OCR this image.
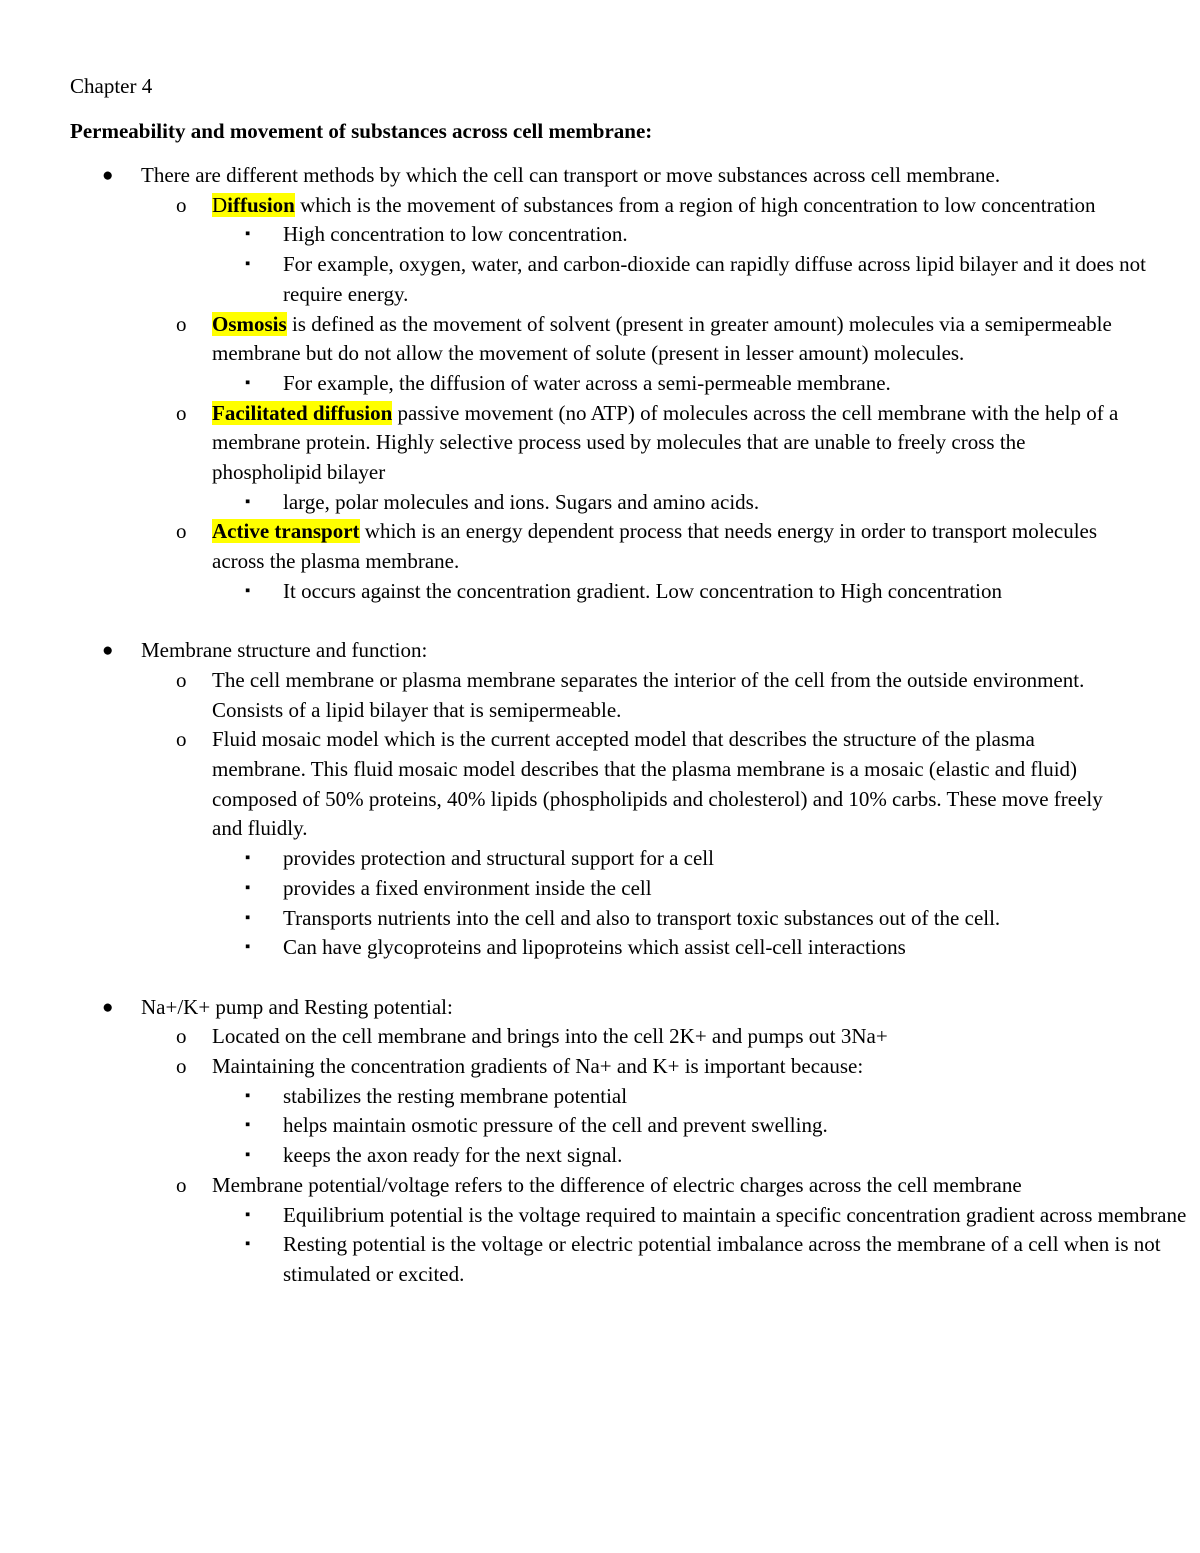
Chapter 4
Permeability and movement of substances across cell membrane:
● There are different methods by which the cell can transport or move substances across cell membrane.
o Diffusion which is the movement of substances from a region of high concentration to low concentration
▪ High concentration to low concentration.
▪ For example, oxygen, water, and carbon-dioxide can rapidly diffuse across lipid bilayer and it does not require energy.
o Osmosis is defined as the movement of solvent (present in greater amount) molecules via a semipermeable membrane but do not allow the movement of solute (present in lesser amount) molecules.
▪ For example, the diffusion of water across a semi-permeable membrane.
o Facilitated diffusion passive movement (no ATP) of molecules across the cell membrane with the help of a membrane protein. Highly selective process used by molecules that are unable to freely cross the phospholipid bilayer
▪ large, polar molecules and ions. Sugars and amino acids.
o Active transport which is an energy dependent process that needs energy in order to transport molecules across the plasma membrane.
▪ It occurs against the concentration gradient. Low concentration to High concentration
● Membrane structure and function:
o The cell membrane or plasma membrane separates the interior of the cell from the outside environment. Consists of a lipid bilayer that is semipermeable.
o Fluid mosaic model which is the current accepted model that describes the structure of the plasma membrane. This fluid mosaic model describes that the plasma membrane is a mosaic (elastic and fluid) composed of 50% proteins, 40% lipids (phospholipids and cholesterol) and 10% carbs. These move freely and fluidly.
▪ provides protection and structural support for a cell
▪ provides a fixed environment inside the cell
▪ Transports nutrients into the cell and also to transport toxic substances out of the cell.
▪ Can have glycoproteins and lipoproteins which assist cell-cell interactions
● Na+/K+ pump and Resting potential:
o Located on the cell membrane and brings into the cell 2K+ and pumps out 3Na+
o Maintaining the concentration gradients of Na+ and K+ is important because:
▪ stabilizes the resting membrane potential
▪ helps maintain osmotic pressure of the cell and prevent swelling.
▪ keeps the axon ready for the next signal.
o Membrane potential/voltage refers to the difference of electric charges across the cell membrane
▪ Equilibrium potential is the voltage required to maintain a specific concentration gradient across membrane
▪ Resting potential is the voltage or electric potential imbalance across the membrane of a cell when is not stimulated or excited.
